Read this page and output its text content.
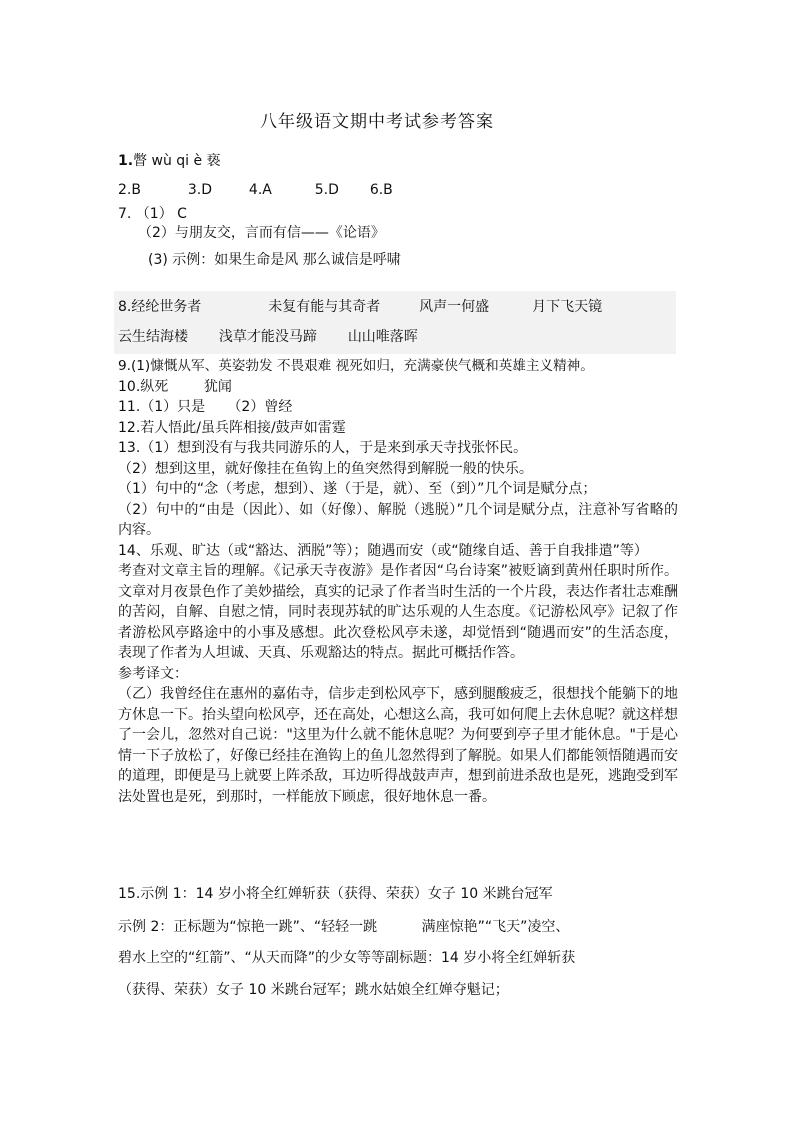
八年级语文期中考试参考答案
1.瞥 wù qi è 亵
2.B	3.D	4.A	5.D 6.B
7. （1） C
（2）与朋友交，言而有信——《论语》
(3) 示例：如果生命是风 那么诚信是呼啸
8.经纶世务者	未复有能与其奇者	风声一何盛	月下飞天镜
云生结海楼 浅草才能没马蹄 山山唯落晖

9.(1)慷慨从军、英姿勃发 不畏艰难 视死如归，充满豪侠气概和英雄主义精神。

10.纵死        犹闻

11.（1）只是     （2）曾经

12.若人悟此/虽兵阵相接/鼓声如雷霆

13.（1）想到没有与我共同游乐的人，于是来到承天寺找张怀民。

（2）想到这里，就好像挂在鱼钩上的鱼突然得到解脱一般的快乐。

（1）句中的“念（考虑，想到）、遂（于是，就）、至（到）”几个词是赋分点；

（2）句中的“由是（因此）、如（好像）、解脱（逃脱）”几个词是赋分点，注意补写省略的内容。

14、乐观、旷达（或“豁达、洒脱”等）；随遇而安（或“随缘自适、善于自我排遣”等）

考查对文章主旨的理解。《记承天寺夜游》是作者因“乌台诗案”被贬谪到黄州任职时所作。文章对月夜景色作了美妙描绘，真实的记录了作者当时生活的一个片段，表达作者壮志难酬的苦闷，自解、自慰之情，同时表现苏轼的旷达乐观的人生态度。《记游松风亭》记叙了作者游松风亭路途中的小事及感想。此次登松风亭未遂，却觉悟到“随遇而安”的生活态度，表现了作者为人坦诚、天真、乐观豁达的特点。据此可概括作答。

参考译文：

（乙）我曾经住在惠州的嘉佑寺，信步走到松风亭下，感到腿酸疲乏，很想找个能躺下的地方休息一下。抬头望向松风亭，还在高处，心想这么高，我可如何爬上去休息呢？就这样想了一会儿，忽然对自己说："这里为什么就不能休息呢？为何要到亭子里才能休息。"于是心情一下子放松了，好像已经挂在渔钩上的鱼儿忽然得到了解脱。如果人们都能领悟随遇而安的道理，即便是马上就要上阵杀敌，耳边听得战鼓声声，想到前进杀敌也是死，逃跑受到军法处置也是死，到那时，一样能放下顾虑，很好地休息一番。

15.示例 1：14 岁小将全红婵斩获（获得、荣获）女子 10 米跳台冠军
示例 2：正标题为“惊艳一跳”、“轻轻一跳          满座惊艳”“飞天”凌空、
碧水上空的“红箭”、“从天而降”的少女等等副标题：14 岁小将全红婵斩获
（获得、荣获）女子 10 米跳台冠军；跳水姑娘全红婵夺魁记；
